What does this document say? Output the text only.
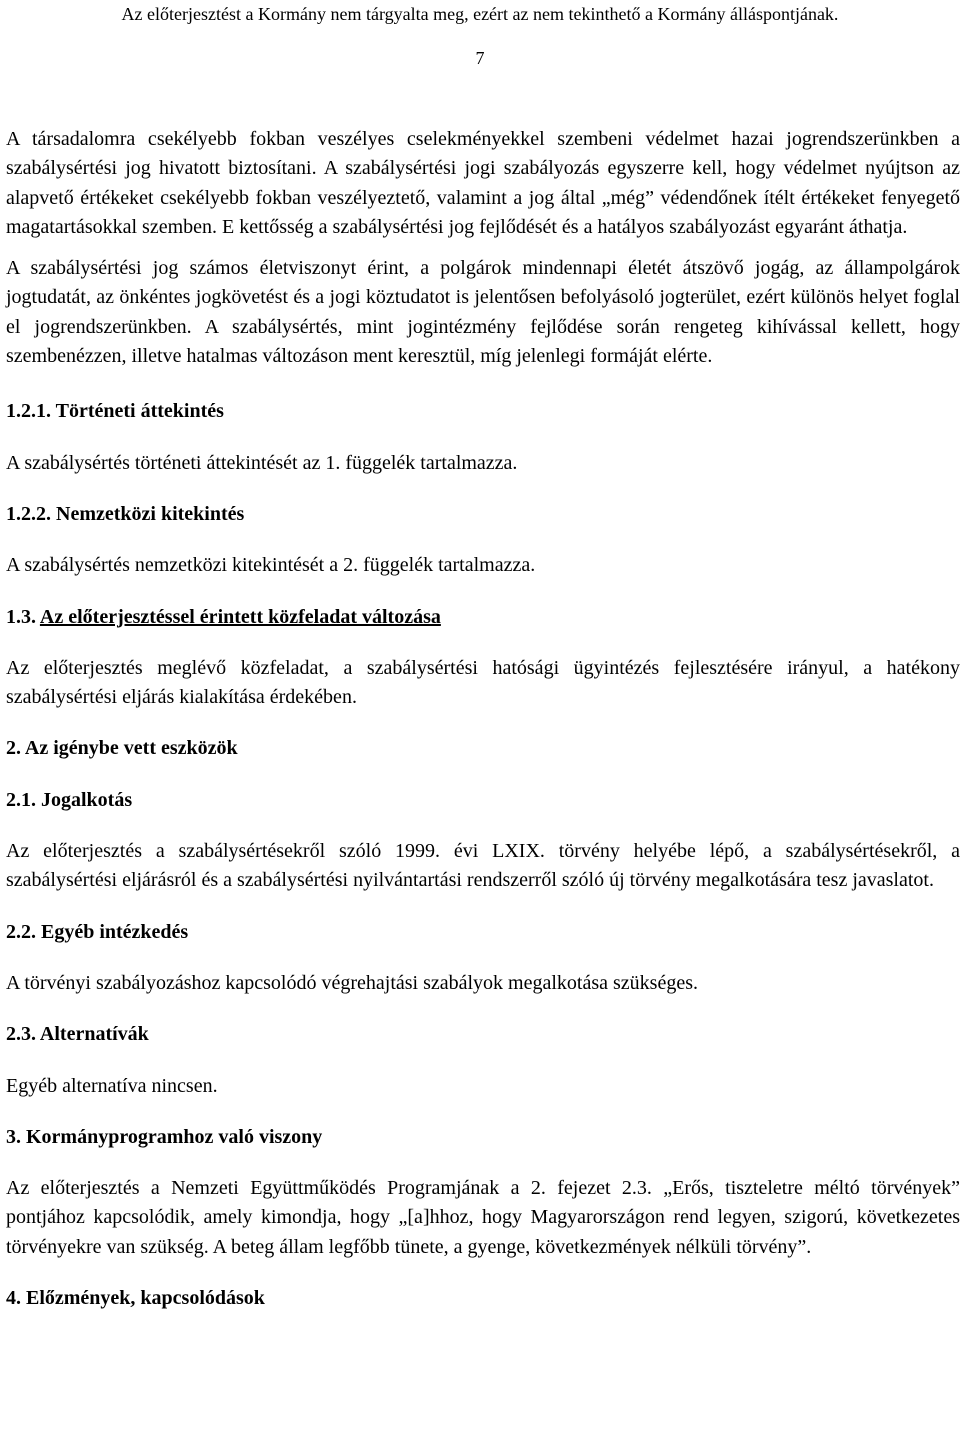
Az előterjesztést a Kormány nem tárgyalta meg, ezért az nem tekinthető a Kormány álláspontjának.
7

A társadalomra csekélyebb fokban veszélyes cselekményekkel szembeni védelmet hazai jogrendszerünkben a szabálysértési jog hivatott biztosítani. A szabálysértési jogi szabályozás egyszerre kell, hogy védelmet nyújtson az alapvető értékeket csekélyebb fokban veszélyeztető, valamint a jog által „még” védendőnek ítélt értékeket fenyegető magatartásokkal szemben. E kettősség a szabálysértési jog fejlődését és a hatályos szabályozást egyaránt áthatja.

A szabálysértési jog számos életviszonyt érint, a polgárok mindennapi életét átszövő jogág, az állampolgárok jogtudatát, az önkéntes jogkövetést és a jogi köztudatot is jelentősen befolyásoló jogterület, ezért különös helyet foglal el jogrendszerünkben. A szabálysértés, mint jogintézmény fejlődése során rengeteg kihívással kellett, hogy szembenézzen, illetve hatalmas változáson ment keresztül, míg jelenlegi formáját elérte.

1.2.1. Történeti áttekintés

A szabálysértés történeti áttekintését az 1. függelék tartalmazza.

1.2.2. Nemzetközi kitekintés

A szabálysértés nemzetközi kitekintését a 2. függelék tartalmazza.

1.3. Az előterjesztéssel érintett közfeladat változása

Az előterjesztés meglévő közfeladat, a szabálysértési hatósági ügyintézés fejlesztésére irányul, a hatékony szabálysértési eljárás kialakítása érdekében.

2. Az igénybe vett eszközök

2.1. Jogalkotás

Az előterjesztés a szabálysértésekről szóló 1999. évi LXIX. törvény helyébe lépő, a szabálysértésekről, a szabálysértési eljárásról és a szabálysértési nyilvántartási rendszerről szóló új törvény megalkotására tesz javaslatot.

2.2. Egyéb intézkedés

A törvényi szabályozáshoz kapcsolódó végrehajtási szabályok megalkotása szükséges.

2.3. Alternatívák

Egyéb alternatíva nincsen.

3. Kormányprogramhoz való viszony

Az előterjesztés a Nemzeti Együttműködés Programjának a 2. fejezet 2.3. „Erős, tiszteletre méltó törvények” pontjához kapcsolódik, amely kimondja, hogy „[a]hhoz, hogy Magyarországon rend legyen, szigorú, következetes törvényekre van szükség. A beteg állam legfőbb tünete, a gyenge, következmények nélküli törvény”.

4. Előzmények, kapcsolódások
